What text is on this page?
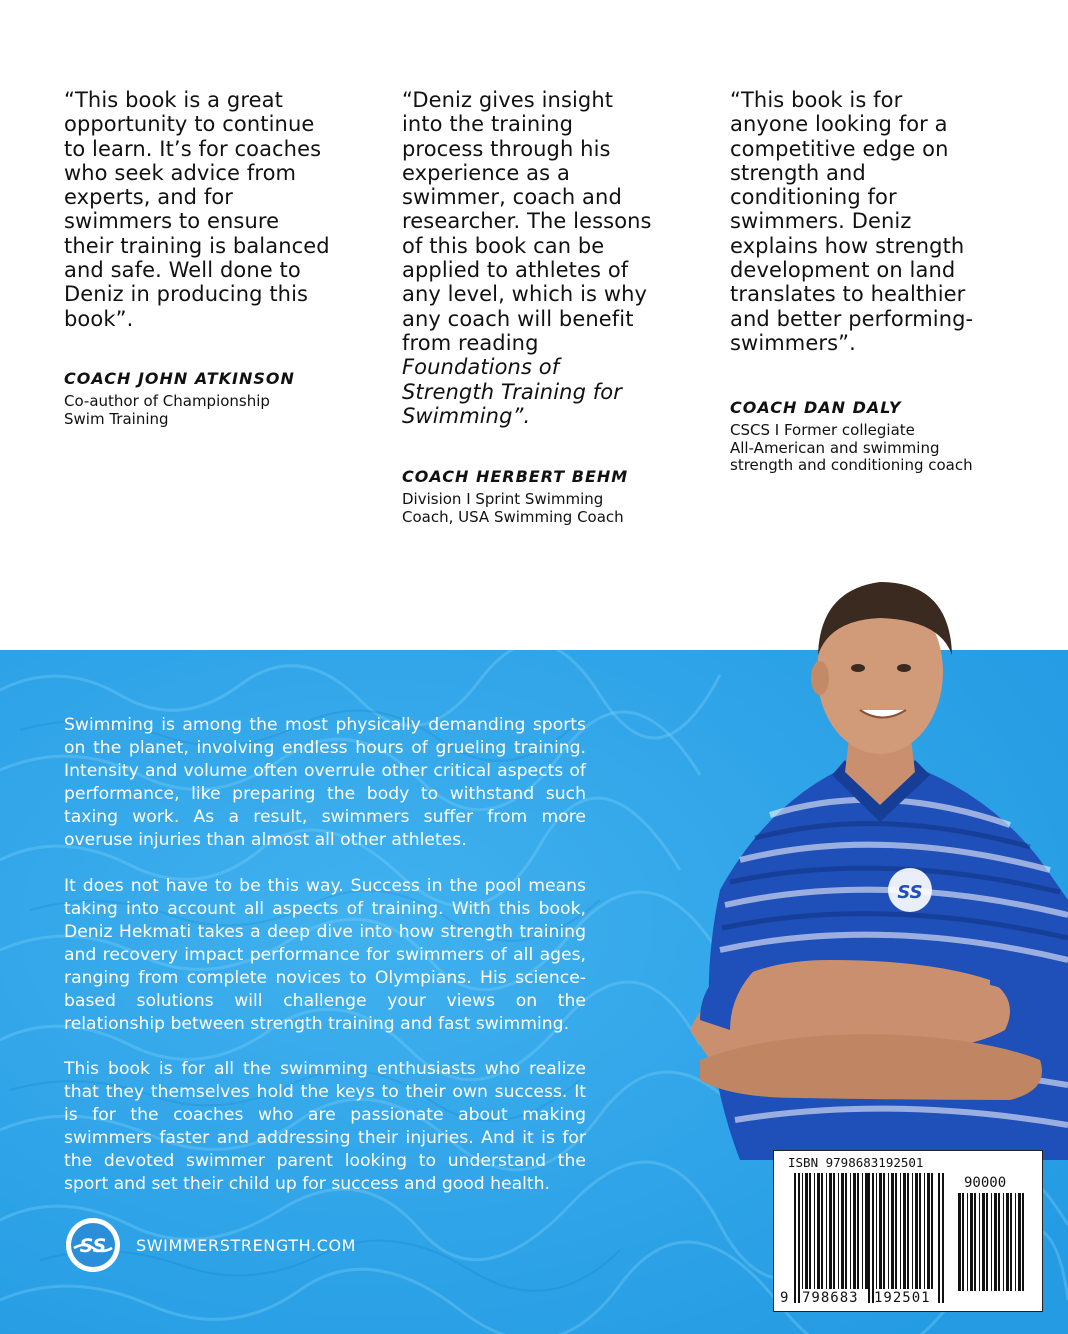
“This book is a great
opportunity to continue
to learn. It’s for coaches
who seek advice from
experts, and for
swimmers to ensure
their training is balanced
and safe. Well done to
Deniz in producing this
book”.

COACH JOHN ATKINSON

Co-author of Championship
Swim Training

“Deniz gives insight
into the training
process through his
experience as a
swimmer, coach and
researcher. The lessons
of this book can be
applied to athletes of
any level, which is why
any coach will benefit
from reading
Foundations of
Strength Training for
Swimming”.

COACH HERBERT BEHM

Division I Sprint Swimming
Coach, USA Swimming Coach

“This book is for
anyone looking for a
competitive edge on
strength and
conditioning for
swimmers. Deniz
explains how strength
development on land
translates to healthier
and better performing-
swimmers”.

COACH DAN DALY

CSCS I Former collegiate
All-American and swimming
strength and conditioning coach

Swimming is among the most physically demanding sports on the planet, involving endless hours of grueling training. Intensity and volume often overrule other critical aspects of performance, like preparing the body to withstand such taxing work. As a result, swimmers suffer from more overuse injuries than almost all other athletes.

It does not have to be this way. Success in the pool means taking into account all aspects of training. With this book, Deniz Hekmati takes a deep dive into how strength training and recovery impact performance for swimmers of all ages, ranging from complete novices to Olympians. His science-based solutions will challenge your views on the relationship between strength training and fast swimming.

This book is for all the swimming enthusiasts who realize that they themselves hold the keys to their own success. It is for the coaches who are passionate about making swimmers faster and addressing their injuries. And it is for the devoted swimmer parent looking to understand the sport and set their child up for success and good health.

SS SWIMMERSTRENGTH.COM
SS
ISBN 9798683192501
90000
9 798683 192501
